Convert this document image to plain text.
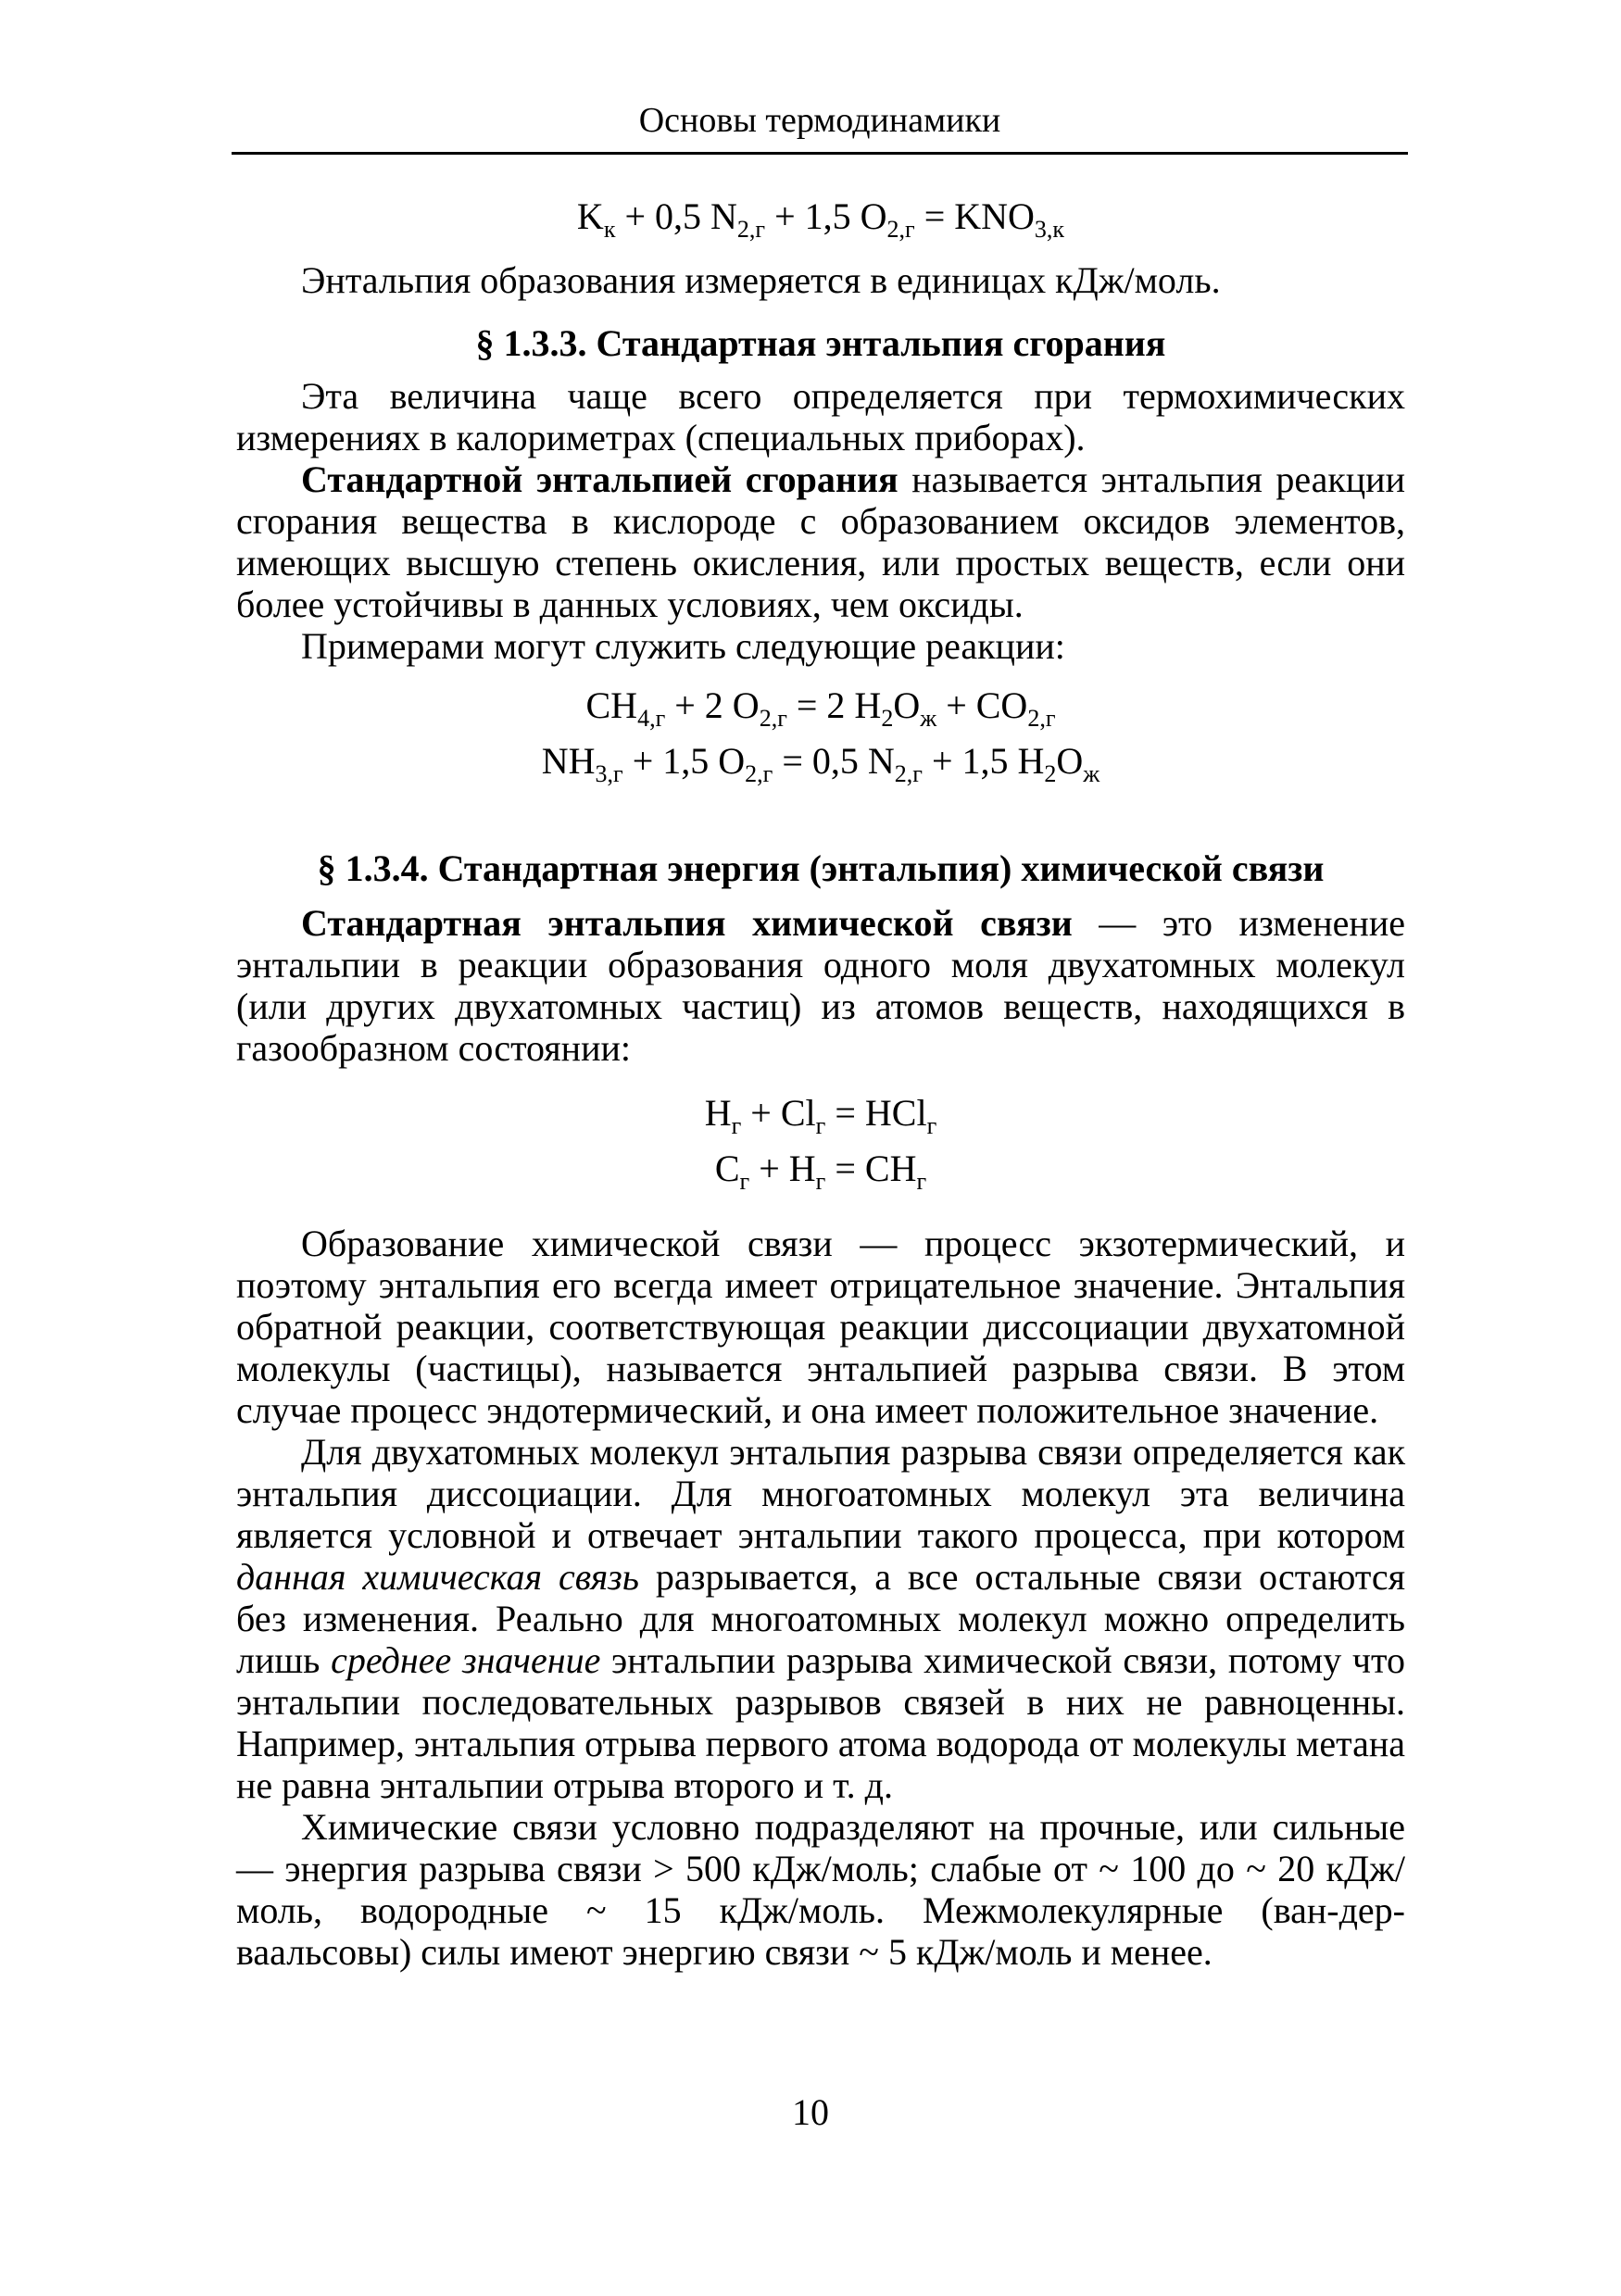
Основы термодинамики
$K_к + 0,5$ $N_{2,г} + 1,5$ $O_{2,г} = KNO_{3,к}$

Энтальпия образования измеряется в единицах кДж/моль.

§ 1.3.3. Стандартная энтальпия сгорания

Эта величина чаще всего определяется при термохимических измерениях в калориметрах (специальных приборах).

Стандартной энтальпией сгорания называется энтальпия реакции сгорания вещества в кислороде с образованием оксидов элементов, имеющих высшую степень окисления, или простых веществ, если они более устойчивы в данных условиях, чем оксиды.

Примерами могут служить следующие реакции:

$CH_{4,г} + 2$ $O_{2,г} = 2$ $H_2O_ж + CO_{2,г}$
$NH_{3,г} + 1,5$ $O_{2,г} = 0,5$ $N_{2,г} + 1,5$ $H_2O_ж$
§ 1.3.4. Стандартная энергия (энтальпия) химической связи

Стандартная энтальпия химической связи — это изменение энтальпии в реакции образования одного моля двухатомных молекул (или других двухатомных частиц) из атомов веществ, находящихся в газообразном состоянии:

$H_г + Cl_г = HCl_г$
$C_г + H_г = CH_г$

Образование химической связи — процесс экзотермический, и поэтому энтальпия его всегда имеет отрицательное значение. Энтальпия обратной реакции, соответствующая реакции диссоциации двухатомной молекулы (частицы), называется энтальпией разрыва связи. В этом случае процесс эндотермический, и она имеет положительное значение.

Для двухатомных молекул энтальпия разрыва связи определяется как энтальпия диссоциации. Для многоатомных молекул эта величина является условной и отвечает энтальпии такого процесса, при котором данная химическая связь разрывается, а все остальные связи остаются без изменения. Реально для многоатомных молекул можно определить лишь среднее значение энтальпии разрыва химической связи, потому что энтальпии последовательных разрывов связей в них не равноценны. Например, энтальпия отрыва первого атома водорода от молекулы метана не равна энтальпии отрыва второго и т. д.

Химические связи условно подразделяют на прочные, или сильные — энергия разрыва связи > 500 кДж/моль; слабые от ~ 100 до ~ 20 кДж/моль, водородные ~ 15 кДж/моль. Межмолекулярные (ван-дер-ваальсовы) силы имеют энергию связи ~ 5 кДж/моль и менее.

10
